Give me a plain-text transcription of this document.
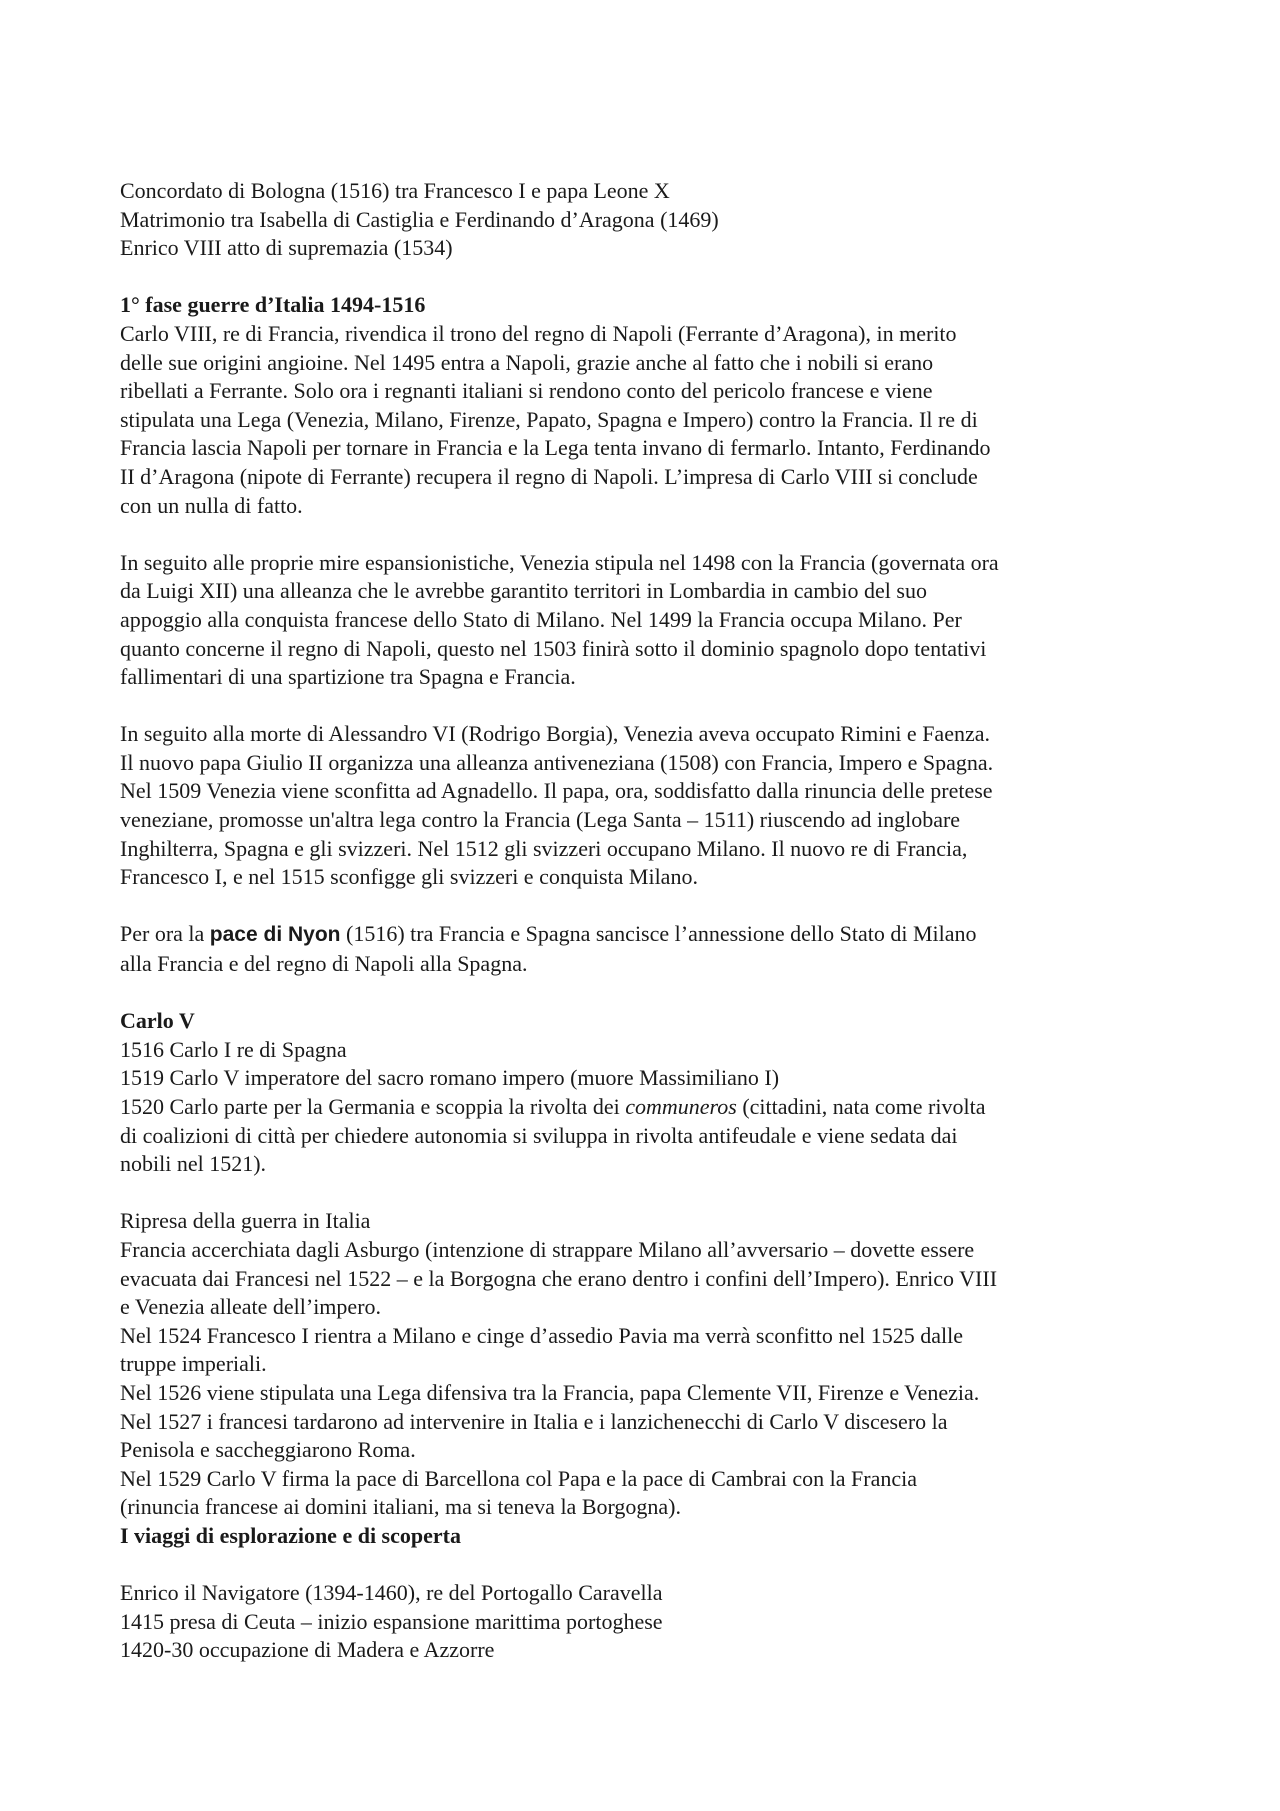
Concordato di Bologna (1516) tra Francesco I e papa Leone X
Matrimonio tra Isabella di Castiglia e Ferdinando d’Aragona (1469)
Enrico VIII atto di supremazia (1534)
1° fase guerre d’Italia 1494-1516
Carlo VIII, re di Francia, rivendica il trono del regno di Napoli (Ferrante d’Aragona), in merito
delle sue origini angioine. Nel 1495 entra a Napoli, grazie anche al fatto che i nobili si erano
ribellati a Ferrante. Solo ora i regnanti italiani si rendono conto del pericolo francese e viene
stipulata una Lega (Venezia, Milano, Firenze, Papato, Spagna e Impero) contro la Francia. Il re di
Francia lascia Napoli per tornare in Francia e la Lega tenta invano di fermarlo. Intanto, Ferdinando
II d’Aragona (nipote di Ferrante) recupera il regno di Napoli. L’impresa di Carlo VIII si conclude
con un nulla di fatto.
In seguito alle proprie mire espansionistiche, Venezia stipula nel 1498 con la Francia (governata ora
da Luigi XII) una alleanza che le avrebbe garantito territori in Lombardia in cambio del suo
appoggio alla conquista francese dello Stato di Milano. Nel 1499 la Francia occupa Milano. Per
quanto concerne il regno di Napoli, questo nel 1503 finirà sotto il dominio spagnolo dopo tentativi
fallimentari di una spartizione tra Spagna e Francia.
In seguito alla morte di Alessandro VI (Rodrigo Borgia), Venezia aveva occupato Rimini e Faenza.
Il nuovo papa Giulio II organizza una alleanza antiveneziana (1508) con Francia, Impero e Spagna.
Nel 1509 Venezia viene sconfitta ad Agnadello. Il papa, ora, soddisfatto dalla rinuncia delle pretese
veneziane, promosse un'altra lega contro la Francia (Lega Santa – 1511) riuscendo ad inglobare
Inghilterra, Spagna e gli svizzeri. Nel 1512 gli svizzeri occupano Milano. Il nuovo re di Francia,
Francesco I, e nel 1515 sconfigge gli svizzeri e conquista Milano.
Per ora la pace di Nyon (1516) tra Francia e Spagna sancisce l’annessione dello Stato di Milano
alla Francia e del regno di Napoli alla Spagna.
Carlo V
1516 Carlo I re di Spagna
1519 Carlo V imperatore del sacro romano impero (muore Massimiliano I)
1520 Carlo parte per la Germania e scoppia la rivolta dei communeros (cittadini, nata come rivolta
di coalizioni di città per chiedere autonomia si sviluppa in rivolta antifeudale e viene sedata dai
nobili nel 1521).
Ripresa della guerra in Italia
Francia accerchiata dagli Asburgo (intenzione di strappare Milano all’avversario – dovette essere
evacuata dai Francesi nel 1522 – e la Borgogna che erano dentro i confini dell’Impero). Enrico VIII
e Venezia alleate dell’impero.
Nel 1524 Francesco I rientra a Milano e cinge d’assedio Pavia ma verrà sconfitto nel 1525 dalle
truppe imperiali.
Nel 1526 viene stipulata una Lega difensiva tra la Francia, papa Clemente VII, Firenze e Venezia.
Nel 1527 i francesi tardarono ad intervenire in Italia e i lanzichenecchi di Carlo V discesero la
Penisola e saccheggiarono Roma.
Nel 1529 Carlo V firma la pace di Barcellona col Papa e la pace di Cambrai con la Francia
(rinuncia francese ai domini italiani, ma si teneva la Borgogna).
I viaggi di esplorazione e di scoperta
Enrico il Navigatore (1394-1460), re del Portogallo Caravella
1415 presa di Ceuta – inizio espansione marittima portoghese
1420-30 occupazione di Madera e Azzorre
